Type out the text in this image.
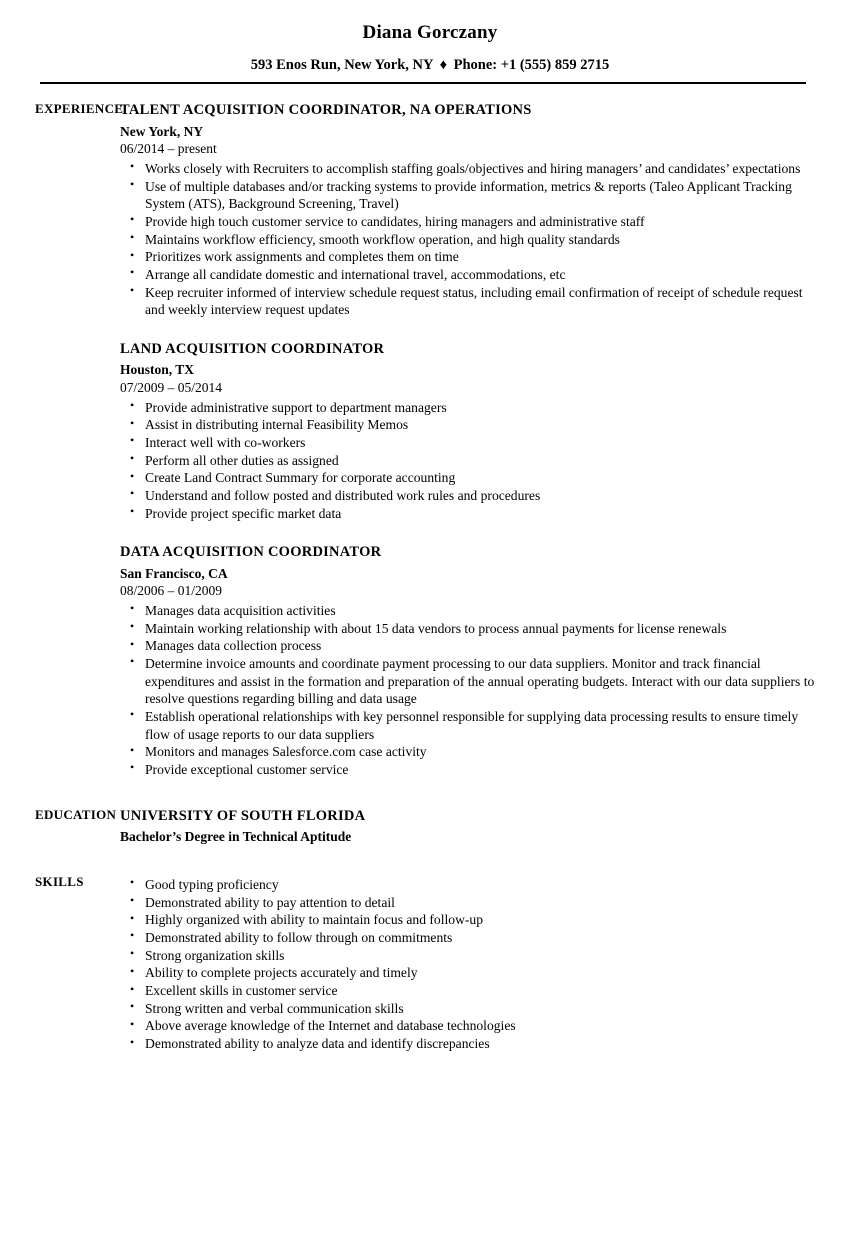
Diana Gorczany
593 Enos Run, New York, NY ♦ Phone: +1 (555) 859 2715
EXPERIENCE
TALENT ACQUISITION COORDINATOR, NA OPERATIONS
New York, NY
06/2014 – present
• Works closely with Recruiters to accomplish staffing goals/objectives and hiring managers’ and candidates’ expectations
• Use of multiple databases and/or tracking systems to provide information, metrics & reports (Taleo Applicant Tracking System (ATS), Background Screening, Travel)
• Provide high touch customer service to candidates, hiring managers and administrative staff
• Maintains workflow efficiency, smooth workflow operation, and high quality standards
• Prioritizes work assignments and completes them on time
• Arrange all candidate domestic and international travel, accommodations, etc
• Keep recruiter informed of interview schedule request status, including email confirmation of receipt of schedule request and weekly interview request updates
LAND ACQUISITION COORDINATOR
Houston, TX
07/2009 – 05/2014
• Provide administrative support to department managers
• Assist in distributing internal Feasibility Memos
• Interact well with co-workers
• Perform all other duties as assigned
• Create Land Contract Summary for corporate accounting
• Understand and follow posted and distributed work rules and procedures
• Provide project specific market data
DATA ACQUISITION COORDINATOR
San Francisco, CA
08/2006 – 01/2009
• Manages data acquisition activities
• Maintain working relationship with about 15 data vendors to process annual payments for license renewals
• Manages data collection process
• Determine invoice amounts and coordinate payment processing to our data suppliers. Monitor and track financial expenditures and assist in the formation and preparation of the annual operating budgets. Interact with our data suppliers to resolve questions regarding billing and data usage
• Establish operational relationships with key personnel responsible for supplying data processing results to ensure timely flow of usage reports to our data suppliers
• Monitors and manages Salesforce.com case activity
• Provide exceptional customer service
EDUCATION UNIVERSITY OF SOUTH FLORIDA
Bachelor’s Degree in Technical Aptitude
SKILLS	• Good typing proficiency
• Demonstrated ability to pay attention to detail
• Highly organized with ability to maintain focus and follow-up
• Demonstrated ability to follow through on commitments
• Strong organization skills
• Ability to complete projects accurately and timely
• Excellent skills in customer service
• Strong written and verbal communication skills
• Above average knowledge of the Internet and database technologies
• Demonstrated ability to analyze data and identify discrepancies
